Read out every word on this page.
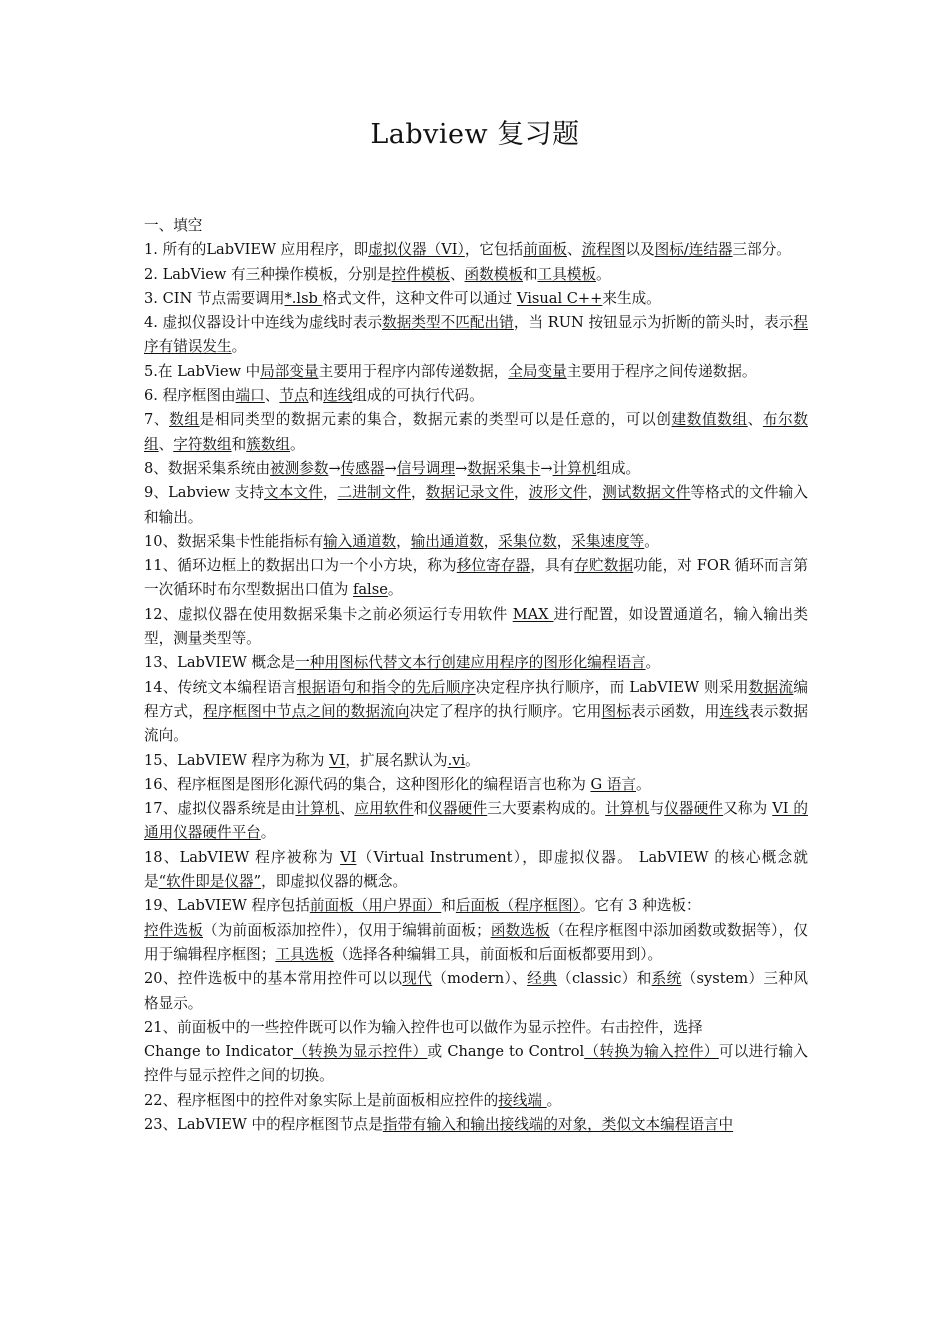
Labview 复习题

一、填空

1. 所有的LabVIEW 应用程序，即虚拟仪器（VI），它包括前面板、流程图以及图标/连结器三部分。

2. LabView 有三种操作模板，分别是控件模板、函数模板和工具模板。

3. CIN 节点需要调用*.lsb 格式文件，这种文件可以通过 Visual C++来生成。

4. 虚拟仪器设计中连线为虚线时表示数据类型不匹配出错，当 RUN 按钮显示为折断的箭头时，表示程序有错误发生。

5.在 LabView 中局部变量主要用于程序内部传递数据，全局变量主要用于程序之间传递数据。

6. 程序框图由端口、节点和连线组成的可执行代码。

7、数组是相同类型的数据元素的集合，数据元素的类型可以是任意的，可以创建数值数组、布尔数组、字符数组和簇数组。

8、数据采集系统由被测参数→传感器→信号调理→数据采集卡→计算机组成。

9、Labview 支持文本文件，二进制文件，数据记录文件，波形文件，测试数据文件等格式的文件输入和输出。

10、数据采集卡性能指标有输入通道数，输出通道数，采集位数，采集速度等。

11、循环边框上的数据出口为一个小方块，称为移位寄存器，具有存贮数据功能，对 FOR 循环而言第一次循环时布尔型数据出口值为 false。

12、虚拟仪器在使用数据采集卡之前必须运行专用软件 MAX 进行配置，如设置通道名，输入输出类型，测量类型等。

13、LabVIEW 概念是一种用图标代替文本行创建应用程序的图形化编程语言。

14、传统文本编程语言根据语句和指令的先后顺序决定程序执行顺序，而 LabVIEW 则采用数据流编程方式，程序框图中节点之间的数据流向决定了程序的执行顺序。它用图标表示函数，用连线表示数据流向。

15、LabVIEW 程序为称为 VI，扩展名默认为.vi。

16、程序框图是图形化源代码的集合，这种图形化的编程语言也称为 G 语言。

17、虚拟仪器系统是由计算机、应用软件和仪器硬件三大要素构成的。计算机与仪器硬件又称为 VI 的通用仪器硬件平台。

18、LabVIEW 程序被称为 VI（Virtual Instrument），即虚拟仪器。 LabVIEW 的核心概念就是“软件即是仪器”，即虚拟仪器的概念。

19、LabVIEW 程序包括前面板（用户界面）和后面板（程序框图）。它有 3 种选板：
控件选板（为前面板添加控件），仅用于编辑前面板；函数选板（在程序框图中添加函数或数据等），仅用于编辑程序框图；工具选板（选择各种编辑工具，前面板和后面板都要用到）。

20、控件选板中的基本常用控件可以以现代（modern）、经典（classic）和系统（system）三种风格显示。

21、前面板中的一些控件既可以作为输入控件也可以做作为显示控件。右击控件，选择
Change to Indicator（转换为显示控件）或 Change to Control（转换为输入控件）可以进行输入控件与显示控件之间的切换。

22、程序框图中的控件对象实际上是前面板相应控件的接线端 。

23、LabVIEW 中的程序框图节点是指带有输入和输出接线端的对象，类似文本编程语言中
